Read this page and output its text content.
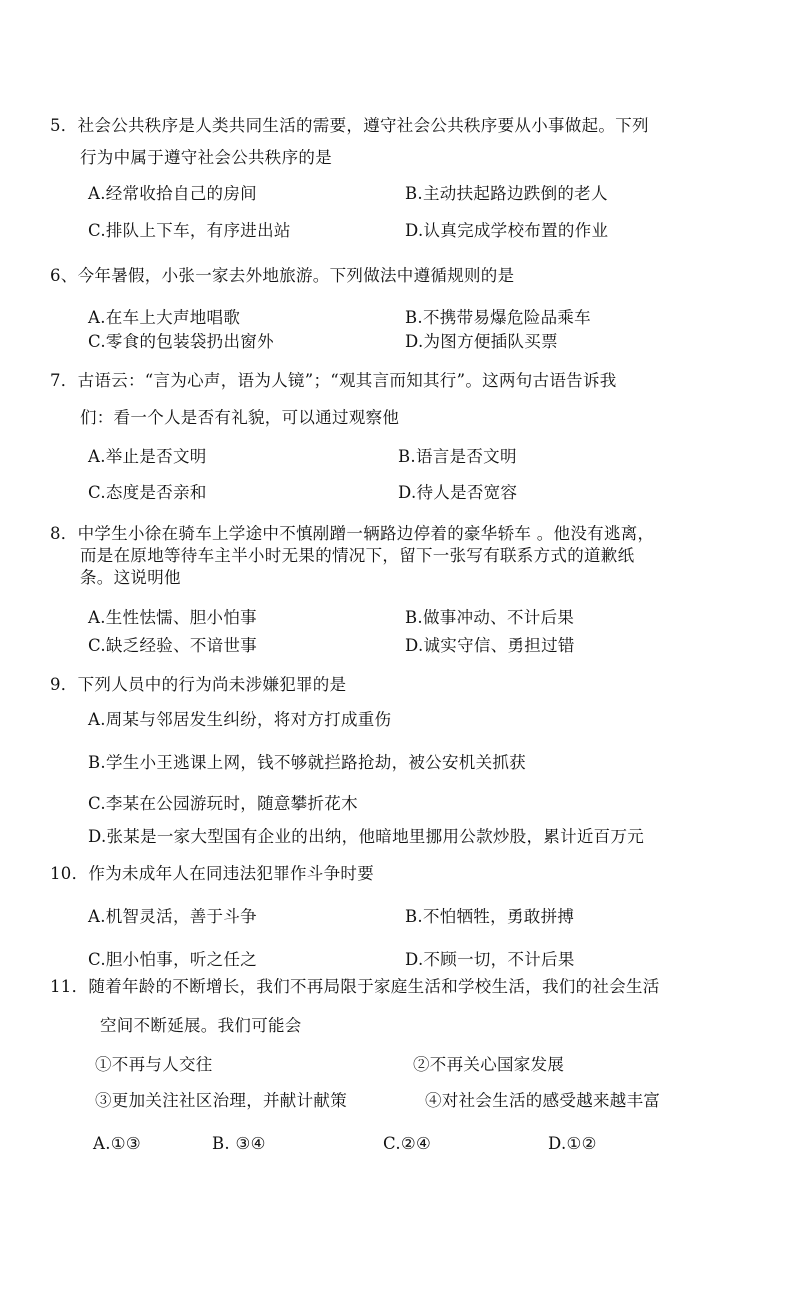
5．社会公共秩序是人类共同生活的需要，遵守社会公共秩序要从小事做起。下列
行为中属于遵守社会公共秩序的是
A.经常收拾自己的房间	B.主动扶起路边跌倒的老人
C.排队上下车，有序进出站	D.认真完成学校布置的作业
6、今年暑假，小张一家去外地旅游。下列做法中遵循规则的是
A.在车上大声地唱歌	B.不携带易爆危险品乘车
C.零食的包装袋扔出窗外	D.为图方便插队买票
7．古语云：“言为心声，语为人镜”；“观其言而知其行”。这两句古语告诉我
们：看一个人是否有礼貌，可以通过观察他
A.举止是否文明	B.语言是否文明
C.态度是否亲和	D.待人是否宽容
8．中学生小徐在骑车上学途中不慎剐蹭一辆路边停着的豪华轿车 。他没有逃离，
而是在原地等待车主半小时无果的情况下，留下一张写有联系方式的道歉纸
条。这说明他
A.生性怯懦、胆小怕事	B.做事冲动、不计后果
C.缺乏经验、不谙世事	D.诚实守信、勇担过错
9．下列人员中的行为尚未涉嫌犯罪的是
A.周某与邻居发生纠纷，将对方打成重伤
B.学生小王逃课上网，钱不够就拦路抢劫，被公安机关抓获
C.李某在公园游玩时，随意攀折花木
D.张某是一家大型国有企业的出纳，他暗地里挪用公款炒股，累计近百万元
10．作为未成年人在同违法犯罪作斗争时要
A.机智灵活，善于斗争	B.不怕牺牲，勇敢拼搏
C.胆小怕事，听之任之	D.不顾一切，不计后果
11．随着年龄的不断增长，我们不再局限于家庭生活和学校生活，我们的社会生活
空间不断延展。我们可能会
①不再与人交往	②不再关心国家发展
③更加关注社区治理，并献计献策	④对社会生活的感受越来越丰富
A.①③	B. ③④	C.②④	D.①②
